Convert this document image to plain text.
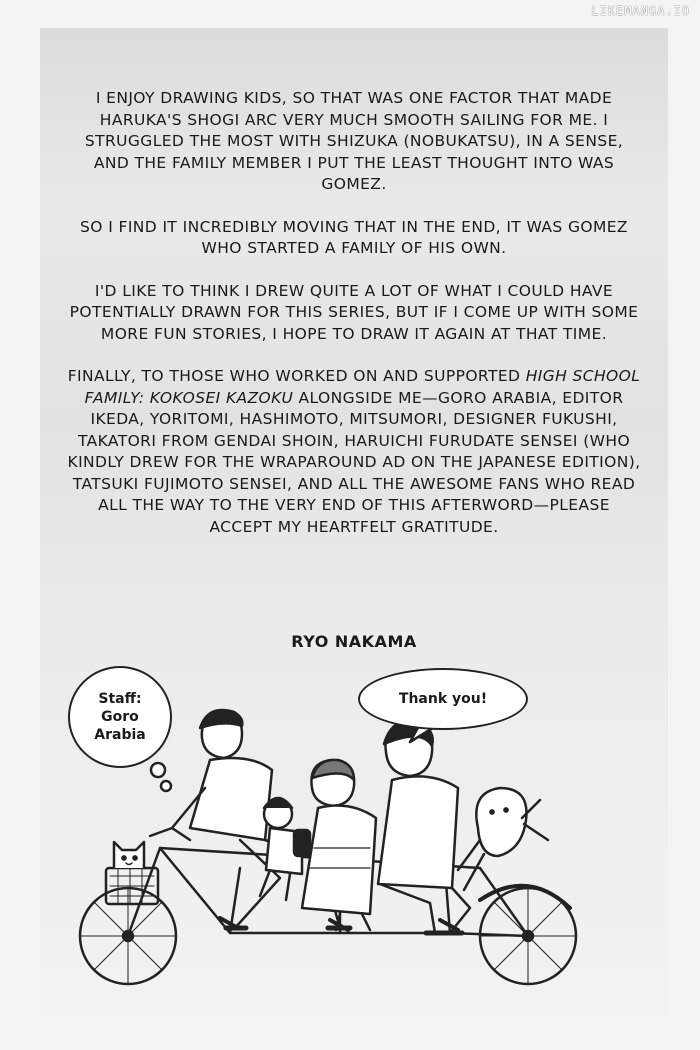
LIKEMANGA.IO

I ENJOY DRAWING KIDS, SO THAT WAS ONE FACTOR THAT MADE HARUKA'S SHOGI ARC VERY MUCH SMOOTH SAILING FOR ME. I STRUGGLED THE MOST WITH SHIZUKA (NOBUKATSU), IN A SENSE, AND THE FAMILY MEMBER I PUT THE LEAST THOUGHT INTO WAS GOMEZ.

SO I FIND IT INCREDIBLY MOVING THAT IN THE END, IT WAS GOMEZ WHO STARTED A FAMILY OF HIS OWN.

I'D LIKE TO THINK I DREW QUITE A LOT OF WHAT I COULD HAVE POTENTIALLY DRAWN FOR THIS SERIES, BUT IF I COME UP WITH SOME MORE FUN STORIES, I HOPE TO DRAW IT AGAIN AT THAT TIME.

FINALLY, TO THOSE WHO WORKED ON AND SUPPORTED HIGH SCHOOL FAMILY: KOKOSEI KAZOKU ALONGSIDE ME—GORO ARABIA, EDITOR IKEDA, YORITOMI, HASHIMOTO, MITSUMORI, DESIGNER FUKUSHI, TAKATORI FROM GENDAI SHOIN, HARUICHI FURUDATE SENSEI (WHO KINDLY DREW FOR THE WRAPAROUND AD ON THE JAPANESE EDITION), TATSUKI FUJIMOTO SENSEI, AND ALL THE AWESOME FANS WHO READ ALL THE WAY TO THE VERY END OF THIS AFTERWORD—PLEASE ACCEPT MY HEARTFELT GRATITUDE.

RYO NAKAMA
Staff:
Goro
Arabia
Thank you!
